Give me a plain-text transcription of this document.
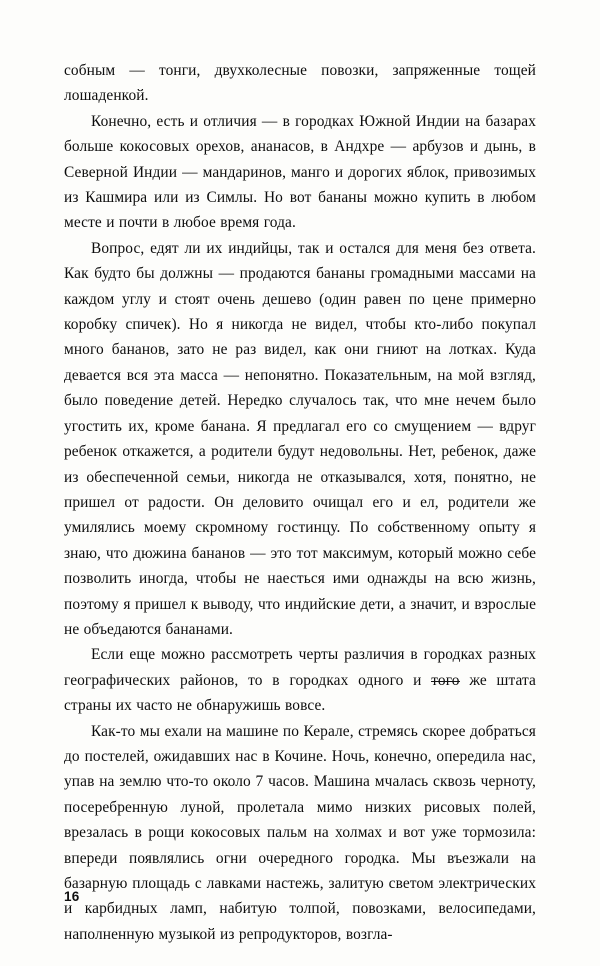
собным — тонги, двухколесные повозки, запряженные тощей лошаденкой.

Конечно, есть и отличия — в городках Южной Индии на базарах больше кокосовых орехов, ананасов, в Андхре — арбузов и дынь, в Северной Индии — мандаринов, манго и дорогих яблок, привозимых из Кашмира или из Симлы. Но вот бананы можно купить в любом месте и почти в любое время года.

Вопрос, едят ли их индийцы, так и остался для меня без ответа. Как будто бы должны — продаются бананы громадными массами на каждом углу и стоят очень дешево (один равен по цене примерно коробку спичек). Но я никогда не видел, чтобы кто-либо покупал много бананов, зато не раз видел, как они гниют на лотках. Куда девается вся эта масса — непонятно. Показательным, на мой взгляд, было поведение детей. Нередко случалось так, что мне нечем было угостить их, кроме банана. Я предлагал его со смущением — вдруг ребенок откажется, а родители будут недовольны. Нет, ребенок, даже из обеспеченной семьи, никогда не отказывался, хотя, понятно, не пришел от радости. Он деловито очищал его и ел, родители же умилялись моему скромному гостинцу. По собственному опыту я знаю, что дюжина бананов — это тот максимум, который можно себе позволить иногда, чтобы не наесться ими однажды на всю жизнь, поэтому я пришел к выводу, что индийские дети, а значит, и взрослые не объедаются бананами.

Если еще можно рассмотреть черты различия в городках разных географических районов, то в городках одного и того же штата страны их часто не обнаружишь вовсе.

Как-то мы ехали на машине по Керале, стремясь скорее добраться до постелей, ожидавших нас в Кочине. Ночь, конечно, опередила нас, упав на землю что-то около 7 часов. Машина мчалась сквозь черноту, посеребренную луной, пролетала мимо низких рисовых полей, врезалась в рощи кокосовых пальм на холмах и вот уже тормозила: впереди появлялись огни очередного городка. Мы въезжали на базарную площадь с лавками настежь, залитую светом электрических и карбидных ламп, набитую толпой, повозками, велосипедами, наполненную музыкой из репродукторов, возгла-

16
